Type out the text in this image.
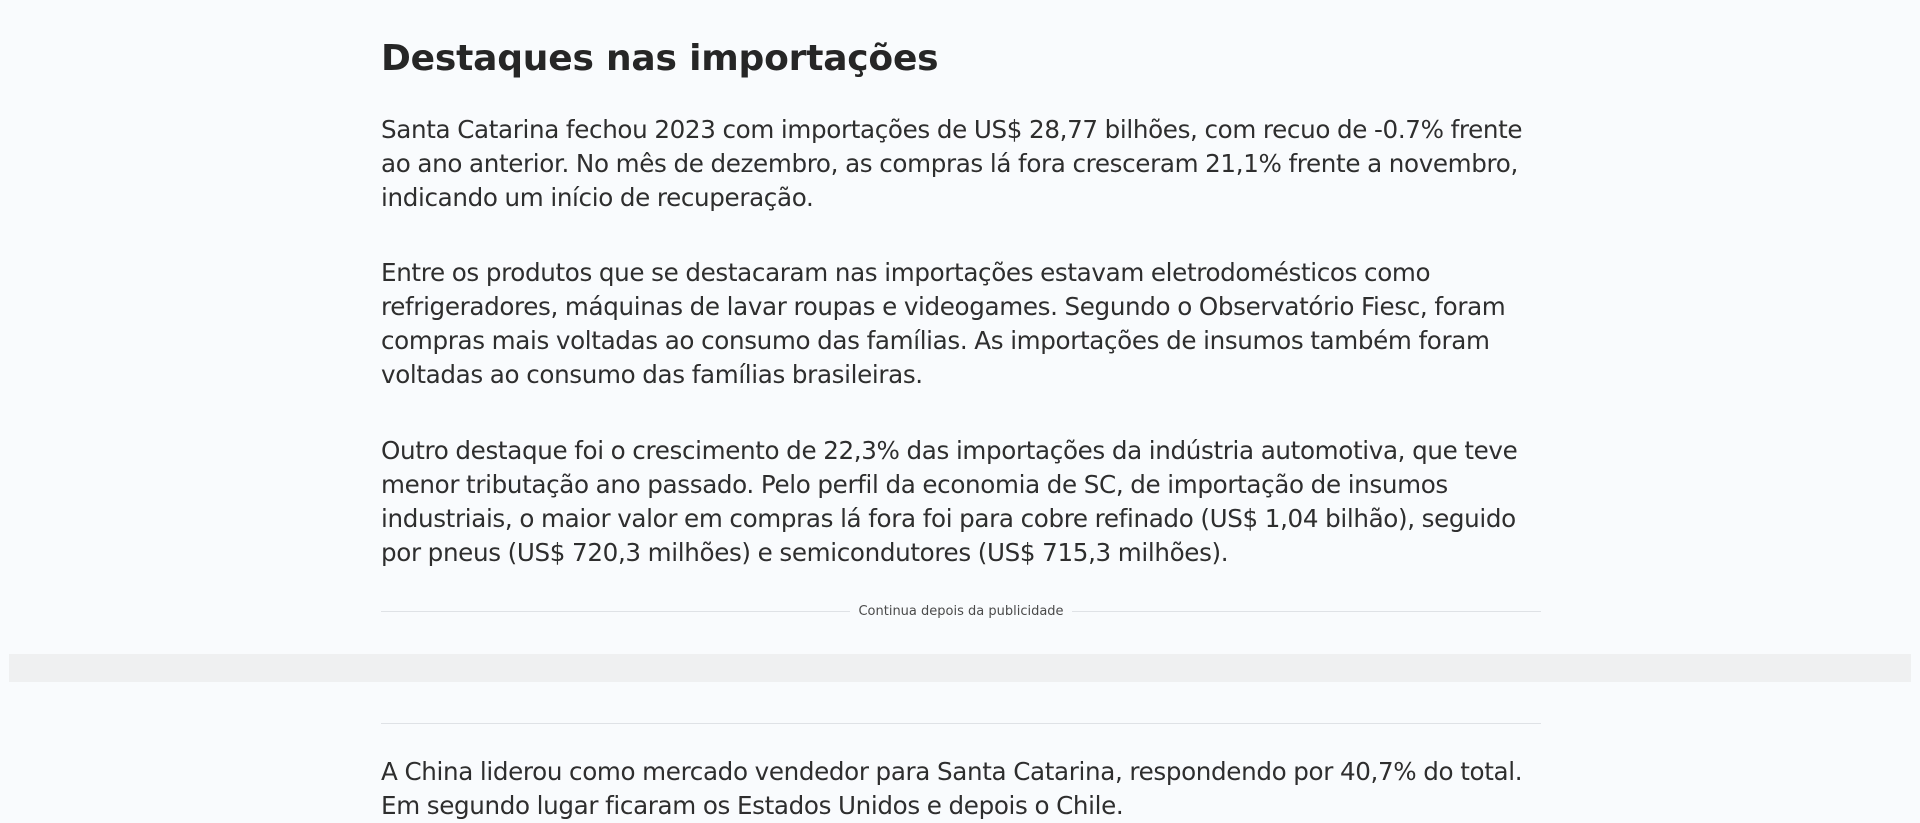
Destaques nas importações

Santa Catarina fechou 2023 com importações de US$ 28,77 bilhões, com recuo de -0.7% frente ao ano anterior. No mês de dezembro, as compras lá fora cresceram 21,1% frente a novembro, indicando um início de recuperação.

Entre os produtos que se destacaram nas importações estavam eletrodomésticos como refrigeradores, máquinas de lavar roupas e videogames. Segundo o Observatório Fiesc, foram compras mais voltadas ao consumo das famílias. As importações de insumos também foram voltadas ao consumo das famílias brasileiras.

Outro destaque foi o crescimento de 22,3% das importações da indústria automotiva, que teve menor tributação ano passado. Pelo perfil da economia de SC, de importação de insumos industriais, o maior valor em compras lá fora foi para cobre refinado (US$ 1,04 bilhão), seguido por pneus (US$ 720,3 milhões) e semicondutores (US$ 715,3 milhões).

Continua depois da publicidade

A China liderou como mercado vendedor para Santa Catarina, respondendo por 40,7% do total. Em segundo lugar ficaram os Estados Unidos e depois o Chile.
